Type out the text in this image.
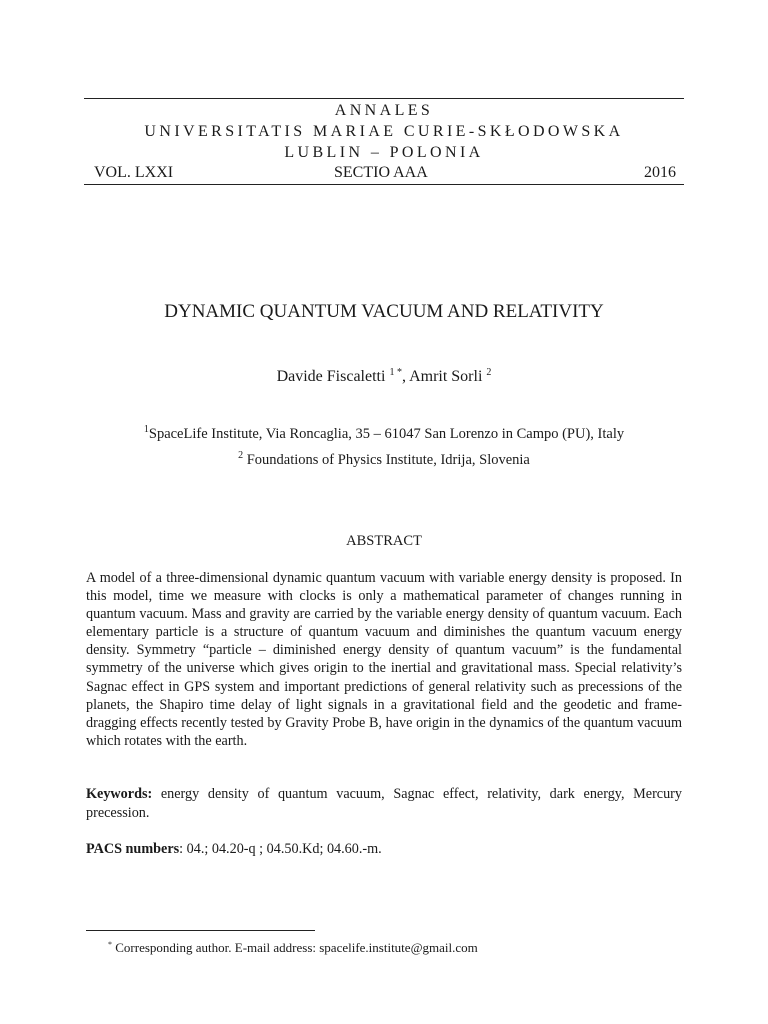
ANNALES
UNIVERSITATIS MARIAE CURIE-SKŁODOWSKA
LUBLIN – POLONIA
VOL. LXXI	SECTIO AAA	2016
DYNAMIC QUANTUM VACUUM AND RELATIVITY
Davide Fiscaletti $^{1 *}$, Amrit Sorli $^2$
$^1$SpaceLife Institute, Via Roncaglia, 35 – 61047 San Lorenzo in Campo (PU), Italy
$^2$ Foundations of Physics Institute, Idrija, Slovenia
ABSTRACT
A model of a three-dimensional dynamic quantum vacuum with variable energy density is proposed. In this model, time we measure with clocks is only a mathematical parameter of changes running in quantum vacuum. Mass and gravity are carried by the variable energy density of quantum vacuum. Each elementary particle is a structure of quantum vacuum and diminishes the quantum vacuum energy density. Symmetry “particle – diminished energy density of quantum vacuum” is the fundamental symmetry of the universe which gives origin to the inertial and gravitational mass. Special relativity’s Sagnac effect in GPS system and important predictions of general relativity such as precessions of the planets, the Shapiro time delay of light signals in a gravitational field and the geodetic and frame-dragging effects recently tested by Gravity Probe B, have origin in the dynamics of the quantum vacuum which rotates with the earth.
Keywords: energy density of quantum vacuum, Sagnac effect, relativity, dark energy, Mercury precession.
PACS numbers: 04.; 04.20-q ; 04.50.Kd; 04.60.-m.
* Corresponding author. E-mail address: spacelife.institute@gmail.com
